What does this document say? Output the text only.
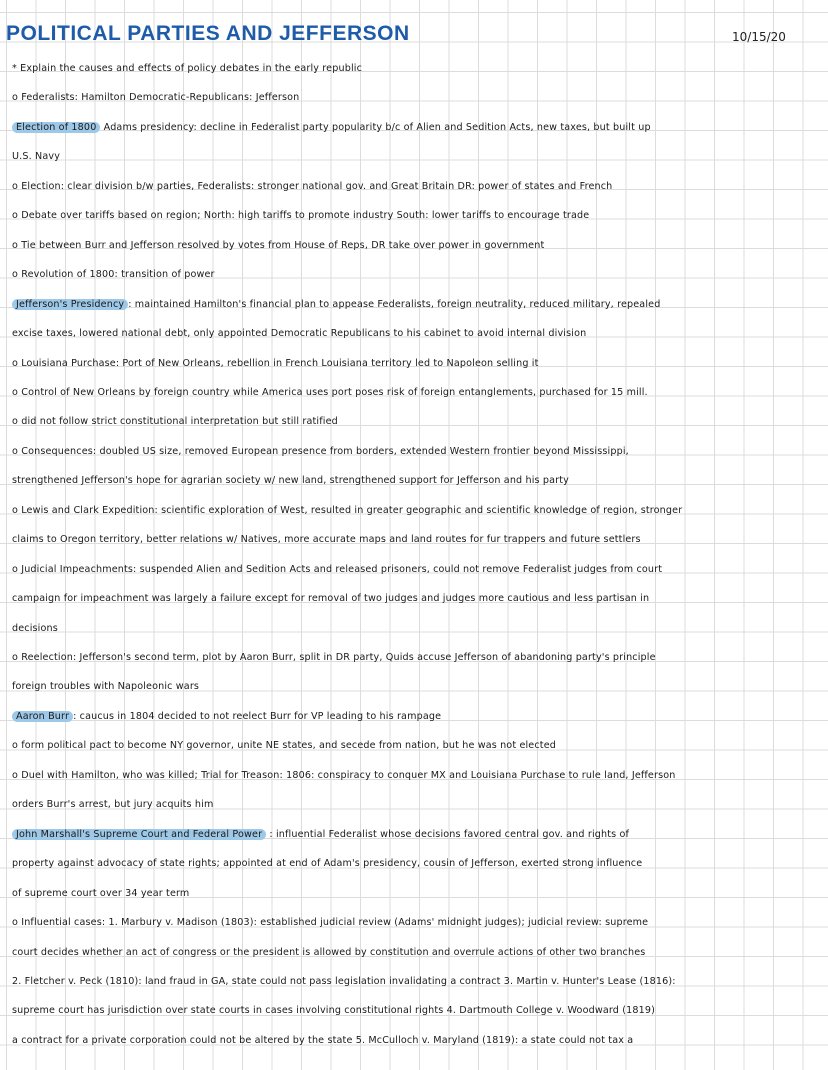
POLITICAL PARTIES AND JEFFERSON	10/15/20
* Explain the causes and effects of policy debates in the early republic
o Federalists: Hamilton Democratic-Republicans: Jefferson
Election of 1800 Adams presidency: decline in Federalist party popularity b/c of Alien and Sedition Acts, new taxes, but built up
U.S. Navy
o Election: clear division b/w parties, Federalists: stronger national gov. and Great Britain DR: power of states and French
o Debate over tariffs based on region; North: high tariffs to promote industry South: lower tariffs to encourage trade
o Tie between Burr and Jefferson resolved by votes from House of Reps, DR take over power in government
o Revolution of 1800: transition of power
Jefferson's Presidency : maintained Hamilton's financial plan to appease Federalists, foreign neutrality, reduced military, repealed
excise taxes, lowered national debt, only appointed Democratic Republicans to his cabinet to avoid internal division
o Louisiana Purchase: Port of New Orleans, rebellion in French Louisiana territory led to Napoleon selling it
o Control of New Orleans by foreign country while America uses port poses risk of foreign entanglements, purchased for 15 mill.
o did not follow strict constitutional interpretation but still ratified
o Consequences: doubled US size, removed European presence from borders, extended Western frontier beyond Mississippi,
strengthened Jefferson's hope for agrarian society w/ new land, strengthened support for Jefferson and his party
o Lewis and Clark Expedition: scientific exploration of West, resulted in greater geographic and scientific knowledge of region, stronger
claims to Oregon territory, better relations w/ Natives, more accurate maps and land routes for fur trappers and future settlers
o Judicial Impeachments: suspended Alien and Sedition Acts and released prisoners, could not remove Federalist judges from court
campaign for impeachment was largely a failure except for removal of two judges and judges more cautious and less partisan in
decisions
o Reelection: Jefferson's second term, plot by Aaron Burr, split in DR party, Quids accuse Jefferson of abandoning party's principle
foreign troubles with Napoleonic wars
Aaron Burr : caucus in 1804 decided to not reelect Burr for VP leading to his rampage
o form political pact to become NY governor, unite NE states, and secede from nation, but he was not elected
o Duel with Hamilton, who was killed; Trial for Treason: 1806: conspiracy to conquer MX and Louisiana Purchase to rule land, Jefferson
orders Burr's arrest, but jury acquits him
John Marshall's Supreme Court and Federal Power : influential Federalist whose decisions favored central gov. and rights of
property against advocacy of state rights; appointed at end of Adam's presidency, cousin of Jefferson, exerted strong influence
of supreme court over 34 year term
o Influential cases: 1. Marbury v. Madison (1803): established judicial review (Adams' midnight judges); judicial review: supreme
court decides whether an act of congress or the president is allowed by constitution and overrule actions of other two branches
2. Fletcher v. Peck (1810): land fraud in GA, state could not pass legislation invalidating a contract 3. Martin v. Hunter's Lease (1816):
supreme court has jurisdiction over state courts in cases involving constitutional rights 4. Dartmouth College v. Woodward (1819)
a contract for a private corporation could not be altered by the state 5. McCulloch v. Maryland (1819): a state could not tax a
